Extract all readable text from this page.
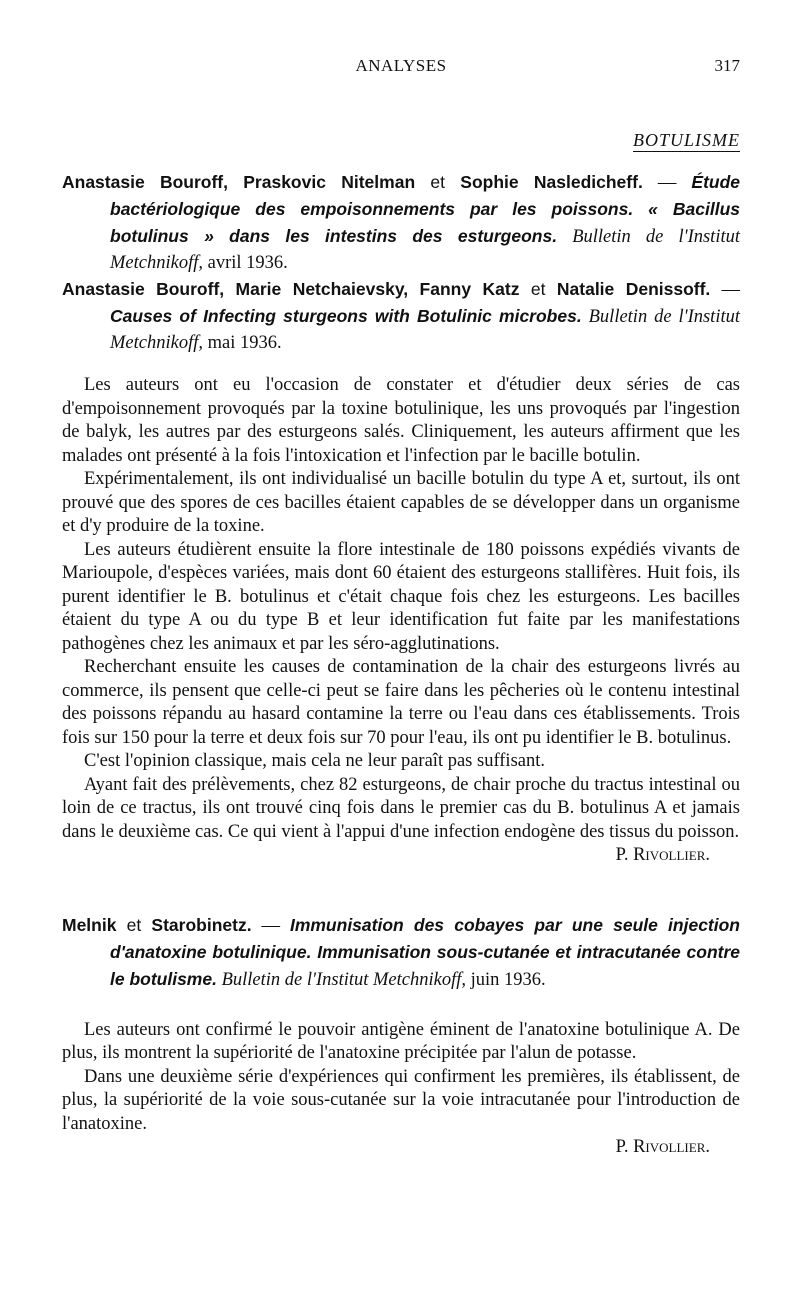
ANALYSES	317
BOTULISME
Anastasie Bouroff, Praskovic Nitelman et Sophie Nasledicheff. — Étude bactériologique des empoisonnements par les poissons. « Bacillus botulinus » dans les intestins des esturgeons. Bulletin de l'Institut Metchnikoff, avril 1936.
Anastasie Bouroff, Marie Netchaievsky, Fanny Katz et Natalie Denissoff. — Causes of Infecting sturgeons with Botulinic microbes. Bulletin de l'Institut Metchnikoff, mai 1936.

Les auteurs ont eu l'occasion de constater et d'étudier deux séries de cas d'empoisonnement provoqués par la toxine botulinique, les uns provoqués par l'ingestion de balyk, les autres par des esturgeons salés. Cliniquement, les auteurs affirment que les malades ont présenté à la fois l'intoxication et l'infection par le bacille botulin.

Expérimentalement, ils ont individualisé un bacille botulin du type A et, surtout, ils ont prouvé que des spores de ces bacilles étaient capables de se développer dans un organisme et d'y produire de la toxine.

Les auteurs étudièrent ensuite la flore intestinale de 180 poissons expédiés vivants de Marioupole, d'espèces variées, mais dont 60 étaient des esturgeons stallifères. Huit fois, ils purent identifier le B. botulinus et c'était chaque fois chez les esturgeons. Les bacilles étaient du type A ou du type B et leur identification fut faite par les manifestations pathogènes chez les animaux et par les séro-agglutinations.

Recherchant ensuite les causes de contamination de la chair des esturgeons livrés au commerce, ils pensent que celle-ci peut se faire dans les pêcheries où le contenu intestinal des poissons répandu au hasard contamine la terre ou l'eau dans ces établissements. Trois fois sur 150 pour la terre et deux fois sur 70 pour l'eau, ils ont pu identifier le B. botulinus.

C'est l'opinion classique, mais cela ne leur paraît pas suffisant.

Ayant fait des prélèvements, chez 82 esturgeons, de chair proche du tractus intestinal ou loin de ce tractus, ils ont trouvé cinq fois dans le premier cas du B. botulinus A et jamais dans le deuxième cas. Ce qui vient à l'appui d'une infection endogène des tissus du poisson.

P. Rivollier.
Melnik et Starobinetz. — Immunisation des cobayes par une seule injection d'anatoxine botulinique. Immunisation sous-cutanée et intracutanée contre le botulisme. Bulletin de l'Institut Metchnikoff, juin 1936.

Les auteurs ont confirmé le pouvoir antigène éminent de l'anatoxine botulinique A. De plus, ils montrent la supériorité de l'anatoxine précipitée par l'alun de potasse.

Dans une deuxième série d'expériences qui confirment les premières, ils établissent, de plus, la supériorité de la voie sous-cutanée sur la voie intracutanée pour l'introduction de l'anatoxine.

P. Rivollier.
